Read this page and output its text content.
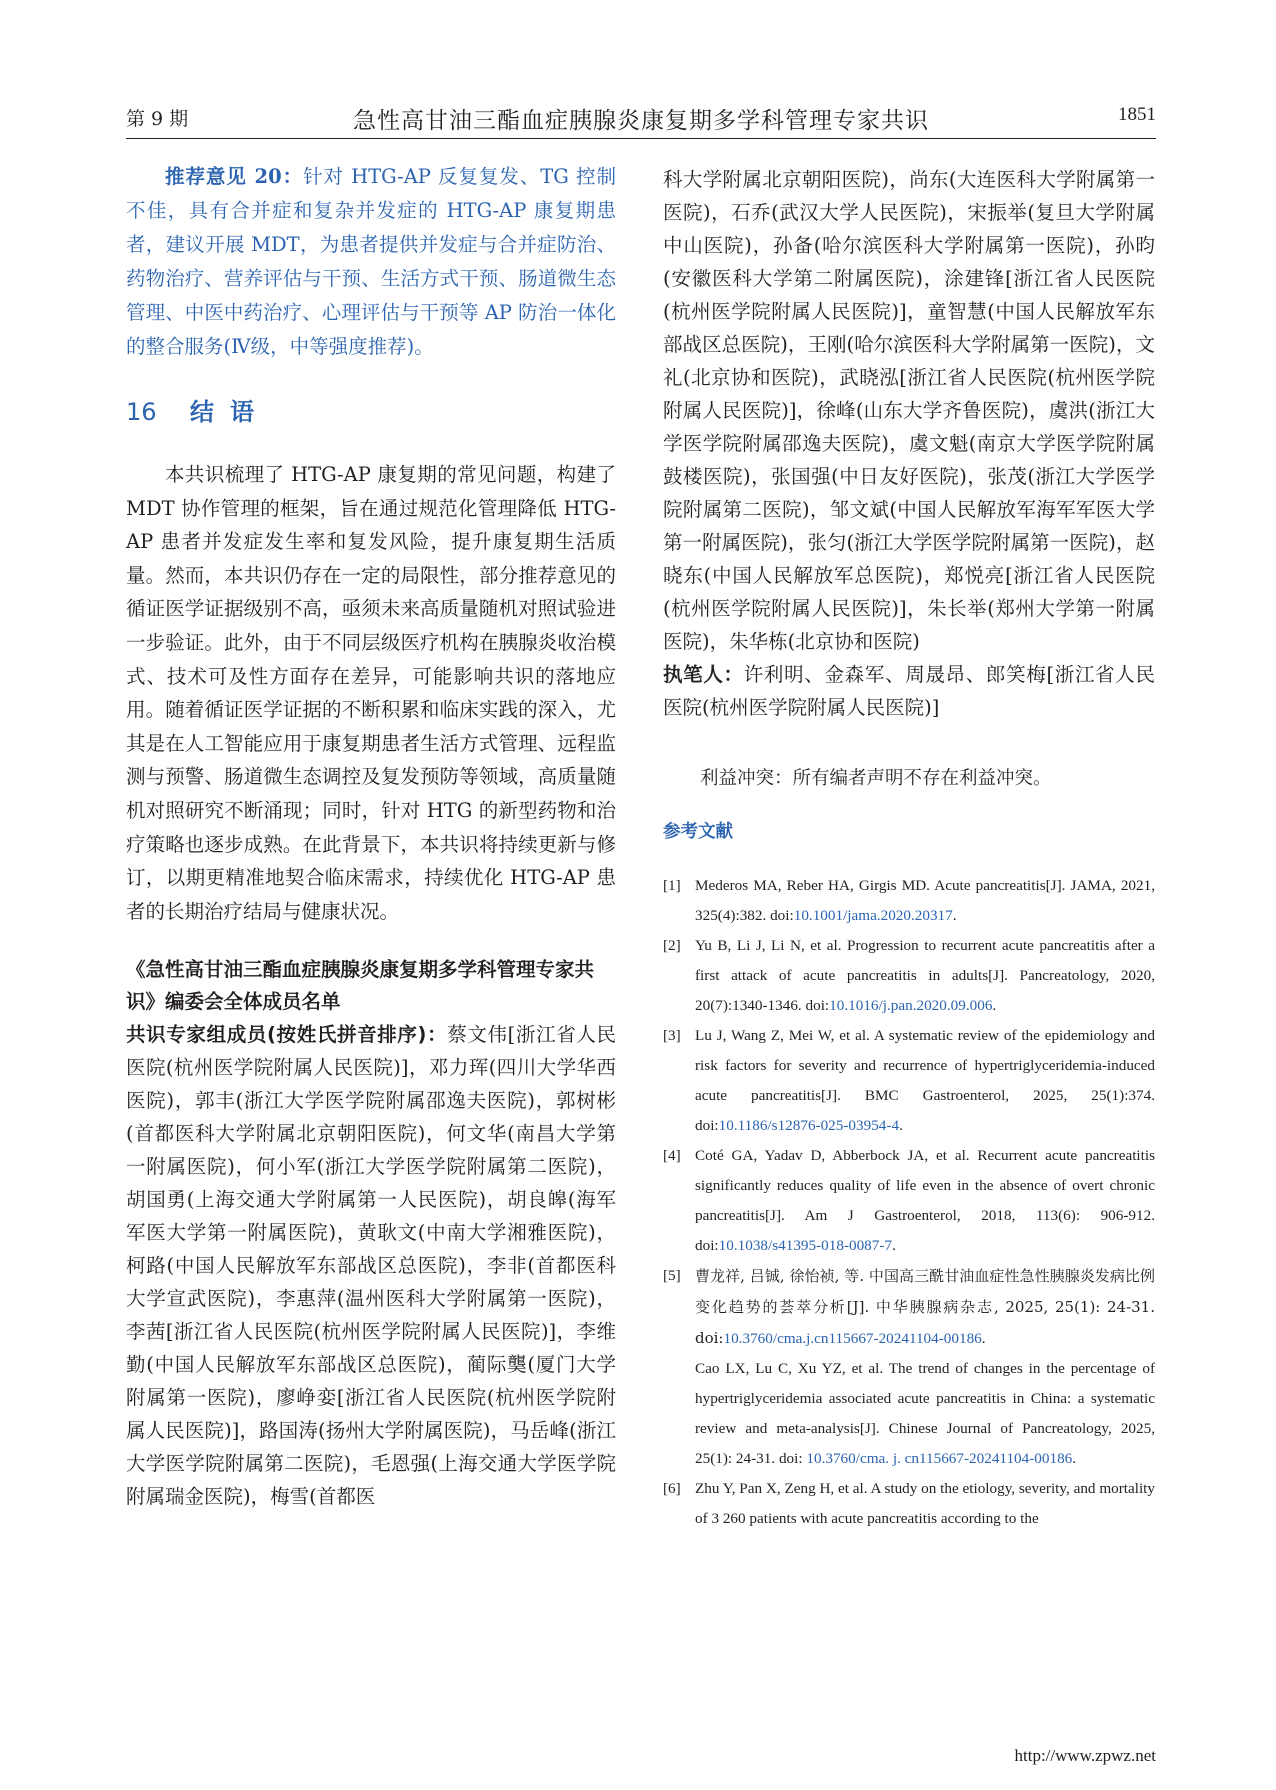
第 9 期	急性高甘油三酯血症胰腺炎康复期多学科管理专家共识	1851

推荐意见 20：针对 HTG-AP 反复复发、TG 控制不佳，具有合并症和复杂并发症的 HTG-AP 康复期患者，建议开展 MDT，为患者提供并发症与合并症防治、药物治疗、营养评估与干预、生活方式干预、肠道微生态管理、中医中药治疗、心理评估与干预等 AP 防治一体化的整合服务(Ⅳ级，中等强度推荐)。

16 结语

本共识梳理了 HTG-AP 康复期的常见问题，构建了 MDT 协作管理的框架，旨在通过规范化管理降低 HTG-AP 患者并发症发生率和复发风险，提升康复期生活质量。然而，本共识仍存在一定的局限性，部分推荐意见的循证医学证据级别不高，亟须未来高质量随机对照试验进一步验证。此外，由于不同层级医疗机构在胰腺炎收治模式、技术可及性方面存在差异，可能影响共识的落地应用。随着循证医学证据的不断积累和临床实践的深入，尤其是在人工智能应用于康复期患者生活方式管理、远程监测与预警、肠道微生态调控及复发预防等领域，高质量随机对照研究不断涌现；同时，针对 HTG 的新型药物和治疗策略也逐步成熟。在此背景下，本共识将持续更新与修订，以期更精准地契合临床需求，持续优化 HTG-AP 患者的长期治疗结局与健康状况。

《急性高甘油三酯血症胰腺炎康复期多学科管理专家共识》编委会全体成员名单

共识专家组成员(按姓氏拼音排序)：蔡文伟[浙江省人民医院(杭州医学院附属人民医院)]，邓力珲(四川大学华西医院)，郭丰(浙江大学医学院附属邵逸夫医院)，郭树彬(首都医科大学附属北京朝阳医院)，何文华(南昌大学第一附属医院)，何小军(浙江大学医学院附属第二医院)，胡国勇(上海交通大学附属第一人民医院)，胡良皞(海军军医大学第一附属医院)，黄耿文(中南大学湘雅医院)，柯路(中国人民解放军东部战区总医院)，李非(首都医科大学宣武医院)，李惠萍(温州医科大学附属第一医院)，李茜[浙江省人民医院(杭州医学院附属人民医院)]，李维勤(中国人民解放军东部战区总医院)，蔺际龑(厦门大学附属第一医院)，廖峥娈[浙江省人民医院(杭州医学院附属人民医院)]，路国涛(扬州大学附属医院)，马岳峰(浙江大学医学院附属第二医院)，毛恩强(上海交通大学医学院附属瑞金医院)，梅雪(首都医

科大学附属北京朝阳医院)，尚东(大连医科大学附属第一医院)，石乔(武汉大学人民医院)，宋振举(复旦大学附属中山医院)，孙备(哈尔滨医科大学附属第一医院)，孙昀(安徽医科大学第二附属医院)，涂建锋[浙江省人民医院(杭州医学院附属人民医院)]，童智慧(中国人民解放军东部战区总医院)，王刚(哈尔滨医科大学附属第一医院)，文礼(北京协和医院)，武晓泓[浙江省人民医院(杭州医学院附属人民医院)]，徐峰(山东大学齐鲁医院)，虞洪(浙江大学医学院附属邵逸夫医院)，虞文魁(南京大学医学院附属鼓楼医院)，张国强(中日友好医院)，张茂(浙江大学医学院附属第二医院)，邹文斌(中国人民解放军海军军医大学第一附属医院)，张匀(浙江大学医学院附属第一医院)，赵晓东(中国人民解放军总医院)，郑悦亮[浙江省人民医院(杭州医学院附属人民医院)]，朱长举(郑州大学第一附属医院)，朱华栋(北京协和医院)

执笔人：许利明、金森军、周晟昂、郎笑梅[浙江省人民医院(杭州医学院附属人民医院)]

利益冲突：所有编者声明不存在利益冲突。

参考文献
[1] Mederos MA, Reber HA, Girgis MD. Acute pancreatitis[J]. JAMA, 2021, 325(4):382. doi:10.1001/jama.2020.20317.
[2] Yu B, Li J, Li N, et al. Progression to recurrent acute pancreatitis after a first attack of acute pancreatitis in adults[J]. Pancreatology, 2020, 20(7):1340-1346. doi:10.1016/j.pan.2020.09.006.
[3] Lu J, Wang Z, Mei W, et al. A systematic review of the epidemiology and risk factors for severity and recurrence of hypertriglyceridemia-induced acute pancreatitis[J]. BMC Gastroenterol, 2025, 25(1):374. doi:10.1186/s12876-025-03954-4.
[4] Coté GA, Yadav D, Abberbock JA, et al. Recurrent acute pancreatitis significantly reduces quality of life even in the absence of overt chronic pancreatitis[J]. Am J Gastroenterol, 2018, 113(6): 906-912. doi:10.1038/s41395-018-0087-7.
[5] 曹龙祥, 吕铖, 徐怡祯, 等. 中国高三酰甘油血症性急性胰腺炎发病比例变化趋势的荟萃分析[J]. 中华胰腺病杂志, 2025, 25(1): 24-31. doi:10.3760/cma.j.cn115667-20241104-00186.
Cao LX, Lu C, Xu YZ, et al. The trend of changes in the percentage of hypertriglyceridemia associated acute pancreatitis in China: a systematic review and meta-analysis[J]. Chinese Journal of Pancreatology, 2025, 25(1): 24-31. doi: 10.3760/cma. j. cn115667-20241104-00186.
[6] Zhu Y, Pan X, Zeng H, et al. A study on the etiology, severity, and mortality of 3 260 patients with acute pancreatitis according to the
http://www.zpwz.net
